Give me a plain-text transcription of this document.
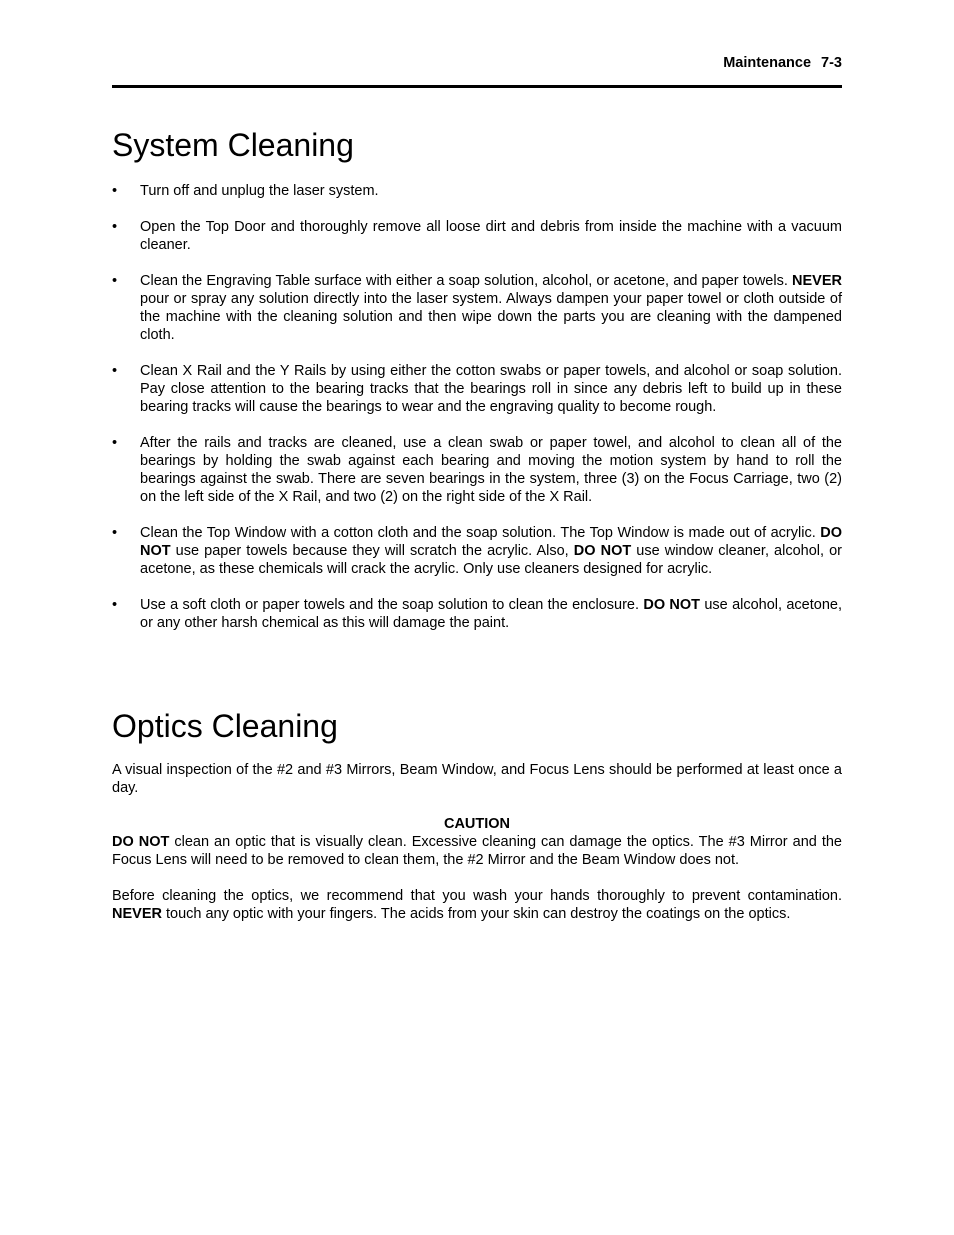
Maintenance 7-3
System Cleaning
• Turn off and unplug the laser system.
• Open the Top Door and thoroughly remove all loose dirt and debris from inside the machine with a vacuum cleaner.
• Clean the Engraving Table surface with either a soap solution, alcohol, or acetone, and paper towels. NEVER pour or spray any solution directly into the laser system. Always dampen your paper towel or cloth outside of the machine with the cleaning solution and then wipe down the parts you are cleaning with the dampened cloth.
• Clean X Rail and the Y Rails by using either the cotton swabs or paper towels, and alcohol or soap solution. Pay close attention to the bearing tracks that the bearings roll in since any debris left to build up in these bearing tracks will cause the bearings to wear and the engraving quality to become rough.
• After the rails and tracks are cleaned, use a clean swab or paper towel, and alcohol to clean all of the bearings by holding the swab against each bearing and moving the motion system by hand to roll the bearings against the swab. There are seven bearings in the system, three (3) on the Focus Carriage, two (2) on the left side of the X Rail, and two (2) on the right side of the X Rail.
• Clean the Top Window with a cotton cloth and the soap solution. The Top Window is made out of acrylic. DO NOT use paper towels because they will scratch the acrylic. Also, DO NOT use window cleaner, alcohol, or acetone, as these chemicals will crack the acrylic. Only use cleaners designed for acrylic.
• Use a soft cloth or paper towels and the soap solution to clean the enclosure. DO NOT use alcohol, acetone, or any other harsh chemical as this will damage the paint.
Optics Cleaning

A visual inspection of the #2 and #3 Mirrors, Beam Window, and Focus Lens should be performed at least once a day.

CAUTION

DO NOT clean an optic that is visually clean. Excessive cleaning can damage the optics. The #3 Mirror and the Focus Lens will need to be removed to clean them, the #2 Mirror and the Beam Window does not.

Before cleaning the optics, we recommend that you wash your hands thoroughly to prevent contamination. NEVER touch any optic with your fingers. The acids from your skin can destroy the coatings on the optics.
